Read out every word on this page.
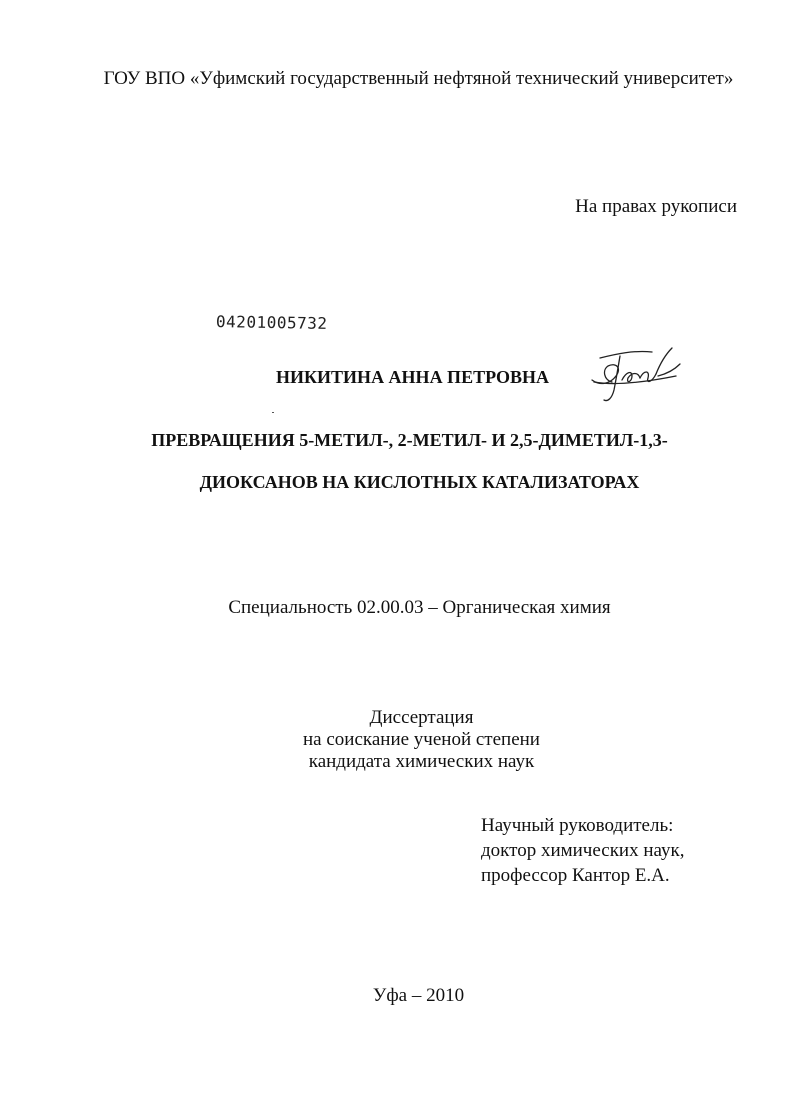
ГОУ ВПО «Уфимский государственный нефтяной технический университет»

На правах рукописи

04201005732

НИКИТИНА АННА ПЕТРОВНА

ПРЕВРАЩЕНИЯ 5-МЕТИЛ-, 2-МЕТИЛ- И 2,5-ДИМЕТИЛ-1,3-

ДИОКСАНОВ НА КИСЛОТНЫХ КАТАЛИЗАТОРАХ

Специальность 02.00.03 – Органическая химия

Диссертация
на соискание ученой степени
кандидата химических наук
Научный руководитель:
доктор химических наук,
профессор Кантор Е.А.

Уфа – 2010
